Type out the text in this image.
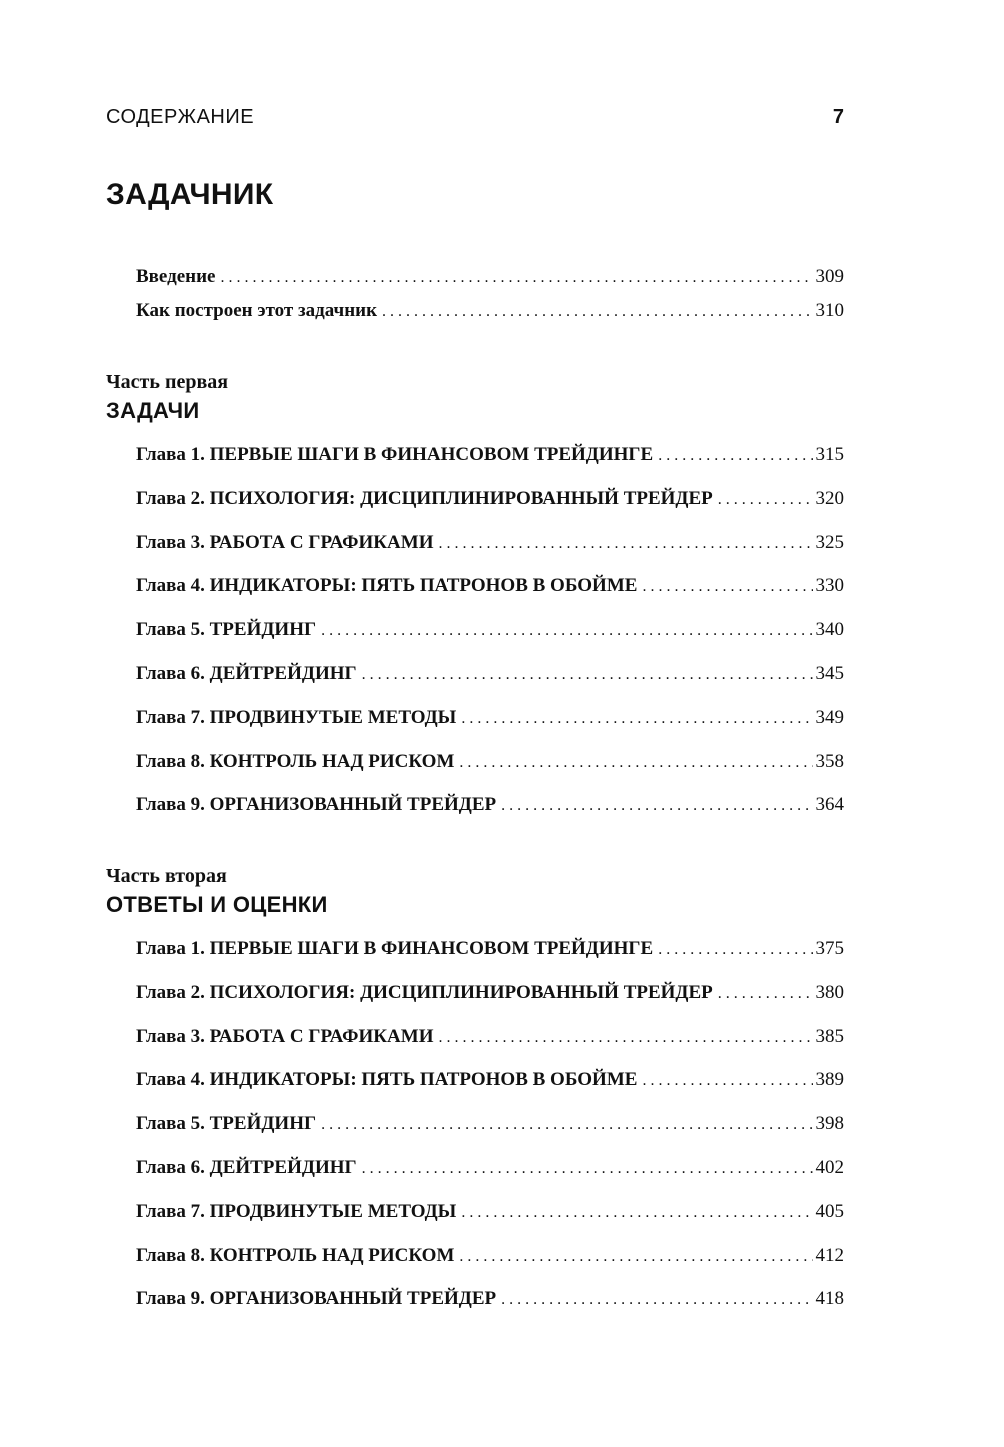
СОДЕРЖАНИЕ	7
ЗАДАЧНИК
Введение . . .	309
Как построен этот задачник . . .	310
Часть первая
ЗАДАЧИ
Глава 1. ПЕРВЫЕ ШАГИ В ФИНАНСОВОМ ТРЕЙДИНГЕ . . .	315
Глава 2. ПСИХОЛОГИЯ: ДИСЦИПЛИНИРОВАННЫЙ ТРЕЙДЕР . . .	320
Глава 3. РАБОТА С ГРАФИКАМИ . . .	325
Глава 4. ИНДИКАТОРЫ: ПЯТЬ ПАТРОНОВ В ОБОЙМЕ . . .	330
Глава 5. ТРЕЙДИНГ . . .	340
Глава 6. ДЕЙТРЕЙДИНГ . . .	345
Глава 7. ПРОДВИНУТЫЕ МЕТОДЫ . . .	349
Глава 8. КОНТРОЛЬ НАД РИСКОМ . . .	358
Глава 9. ОРГАНИЗОВАННЫЙ ТРЕЙДЕР . . .	364
Часть вторая
ОТВЕТЫ И ОЦЕНКИ
Глава 1. ПЕРВЫЕ ШАГИ В ФИНАНСОВОМ ТРЕЙДИНГЕ . . .	375
Глава 2. ПСИХОЛОГИЯ: ДИСЦИПЛИНИРОВАННЫЙ ТРЕЙДЕР . . .	380
Глава 3. РАБОТА С ГРАФИКАМИ . . .	385
Глава 4. ИНДИКАТОРЫ: ПЯТЬ ПАТРОНОВ В ОБОЙМЕ . . .	389
Глава 5. ТРЕЙДИНГ . . .	398
Глава 6. ДЕЙТРЕЙДИНГ . . .	402
Глава 7. ПРОДВИНУТЫЕ МЕТОДЫ . . .	405
Глава 8. КОНТРОЛЬ НАД РИСКОМ . . .	412
Глава 9. ОРГАНИЗОВАННЫЙ ТРЕЙДЕР . . .	418
